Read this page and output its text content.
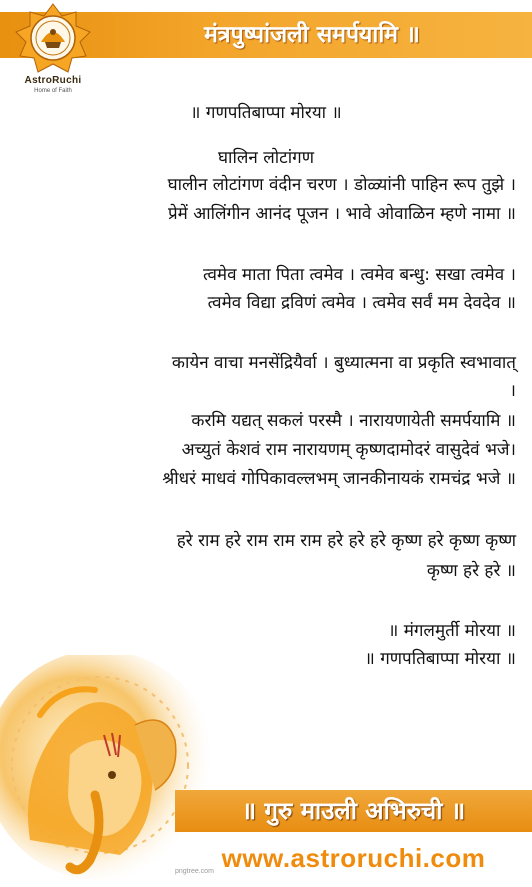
मंत्रपुष्पांजली समर्पयामि ॥
AstroRuchi
Home of Faith
॥ गणपतिबाप्पा मोरया ॥
घालिन लोटांगण
घालीन लोटांगण वंदीन चरण । डोळ्यांनी पाहिन रूप तुझे ।
प्रेमें आलिंगीन आनंद पूजन । भावे ओवाळिन म्हणे नामा ॥
त्वमेव माता पिता त्वमेव । त्वमेव बन्धु: सखा त्वमेव ।
त्वमेव विद्या द्रविणं त्वमेव । त्वमेव सर्वं मम देवदेव ॥
कायेन वाचा मनसेंद्रियैर्वा । बुध्यात्मना वा प्रकृति स्वभावात्
।
करमि यद्यत् सकलं परस्मै । नारायणायेती समर्पयामि ॥
अच्युतं केशवं राम नारायणम् कृष्णदामोदरं वासुदेवं भजे।
श्रीधरं माधवं गोपिकावल्लभम् जानकीनायकं रामचंद्र भजे ॥
हरे राम हरे राम राम राम हरे हरे हरे कृष्ण हरे कृष्ण कृष्ण
कृष्ण हरे हरे ॥
॥ मंगलमुर्ती मोरया ॥
॥ गणपतिबाप्पा मोरया ॥
॥ गुरु माउली अभिरुची ॥
www.astroruchi.com
pngtree.com
